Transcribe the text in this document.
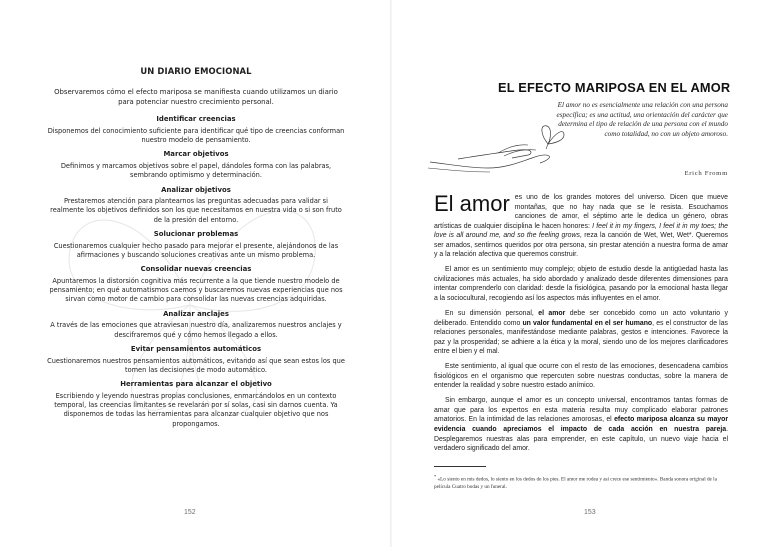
UN DIARIO EMOCIONAL
Observaremos cómo el efecto mariposa se manifiesta cuando utilizamos un diario para potenciar nuestro crecimiento personal.
Identificar creencias

Disponemos del conocimiento suficiente para identificar qué tipo de creencias conforman nuestro modelo de pensamiento.

Marcar objetivos

Definimos y marcamos objetivos sobre el papel, dándoles forma con las palabras, sembrando optimismo y determinación.

Analizar objetivos

Prestaremos atención para plantearnos las preguntas adecuadas para validar si realmente los objetivos definidos son los que necesitamos en nuestra vida o si son fruto de la presión del entorno.

Solucionar problemas

Cuestionaremos cualquier hecho pasado para mejorar el presente, alejándonos de las afirmaciones y buscando soluciones creativas ante un mismo problema.

Consolidar nuevas creencias

Apuntaremos la distorsión cognitiva más recurrente a la que tiende nuestro modelo de pensamiento; en qué automatismos caemos y buscaremos nuevas experiencias que nos sirvan como motor de cambio para consolidar las nuevas creencias adquiridas.

Analizar anclajes

A través de las emociones que atraviesan nuestro día, analizaremos nuestros anclajes y descifraremos qué y cómo hemos llegado a ellos.

Evitar pensamientos automáticos

Cuestionaremos nuestros pensamientos automáticos, evitando así que sean estos los que tomen las decisiones de modo automático.

Herramientas para alcanzar el objetivo

Escribiendo y leyendo nuestras propias conclusiones, enmarcándolos en un contexto temporal, las creencias limitantes se revelarán por sí solas, casi sin darnos cuenta. Ya disponemos de todas las herramientas para alcanzar cualquier objetivo que nos propongamos.

152
EL EFECTO MARIPOSA EN EL AMOR
El amor no es esencialmente una relación con una persona específica; es una actitud, una orientación del carácter que determina el tipo de relación de una persona con el mundo como totalidad, no con un objeto amoroso.
Erich Fromm

El amor es uno de los grandes motores del universo. Dicen que mueve montañas, que no hay nada que se le resista. Escuchamos canciones de amor, el séptimo arte le dedica un género, obras artísticas de cualquier disciplina le hacen honores: I feel it in my fingers, I feel it in my toes; the love is all around me, and so the feeling grows, reza la canción de Wet, Wet, Wet*. Queremos ser amados, sentirnos queridos por otra persona, sin prestar atención a nuestra forma de amar y a la relación afectiva que queremos construir.

El amor es un sentimiento muy complejo; objeto de estudio desde la antigüedad hasta las civilizaciones más actuales, ha sido abordado y analizado desde diferentes dimensiones para intentar comprenderlo con claridad: desde la fisiológica, pasando por la emocional hasta llegar a la sociocultural, recogiendo así los aspectos más influyentes en el amor.

En su dimensión personal, el amor debe ser concebido como un acto voluntario y deliberado. Entendido como un valor fundamental en el ser humano, es el constructor de las relaciones personales, manifestándose mediante palabras, gestos e intenciones. Favorece la paz y la prosperidad; se adhiere a la ética y la moral, siendo uno de los mejores clarificadores entre el bien y el mal.

Este sentimiento, al igual que ocurre con el resto de las emociones, desencadena cambios fisiológicos en el organismo que repercuten sobre nuestras conductas, sobre la manera de entender la realidad y sobre nuestro estado anímico.

Sin embargo, aunque el amor es un concepto universal, encontramos tantas formas de amar que para los expertos en esta materia resulta muy complicado elaborar patrones amatorios. En la intimidad de las relaciones amorosas, el efecto mariposa alcanza su mayor evidencia cuando apreciamos el impacto de cada acción en nuestra pareja. Desplegaremos nuestras alas para emprender, en este capítulo, un nuevo viaje hacia el verdadero significado del amor.

* «Lo siento en mis dedos, lo siento en los dedos de los pies. El amor me rodea y así crece ese sentimiento». Banda sonora original de la película Cuatro bodas y un funeral.
153
